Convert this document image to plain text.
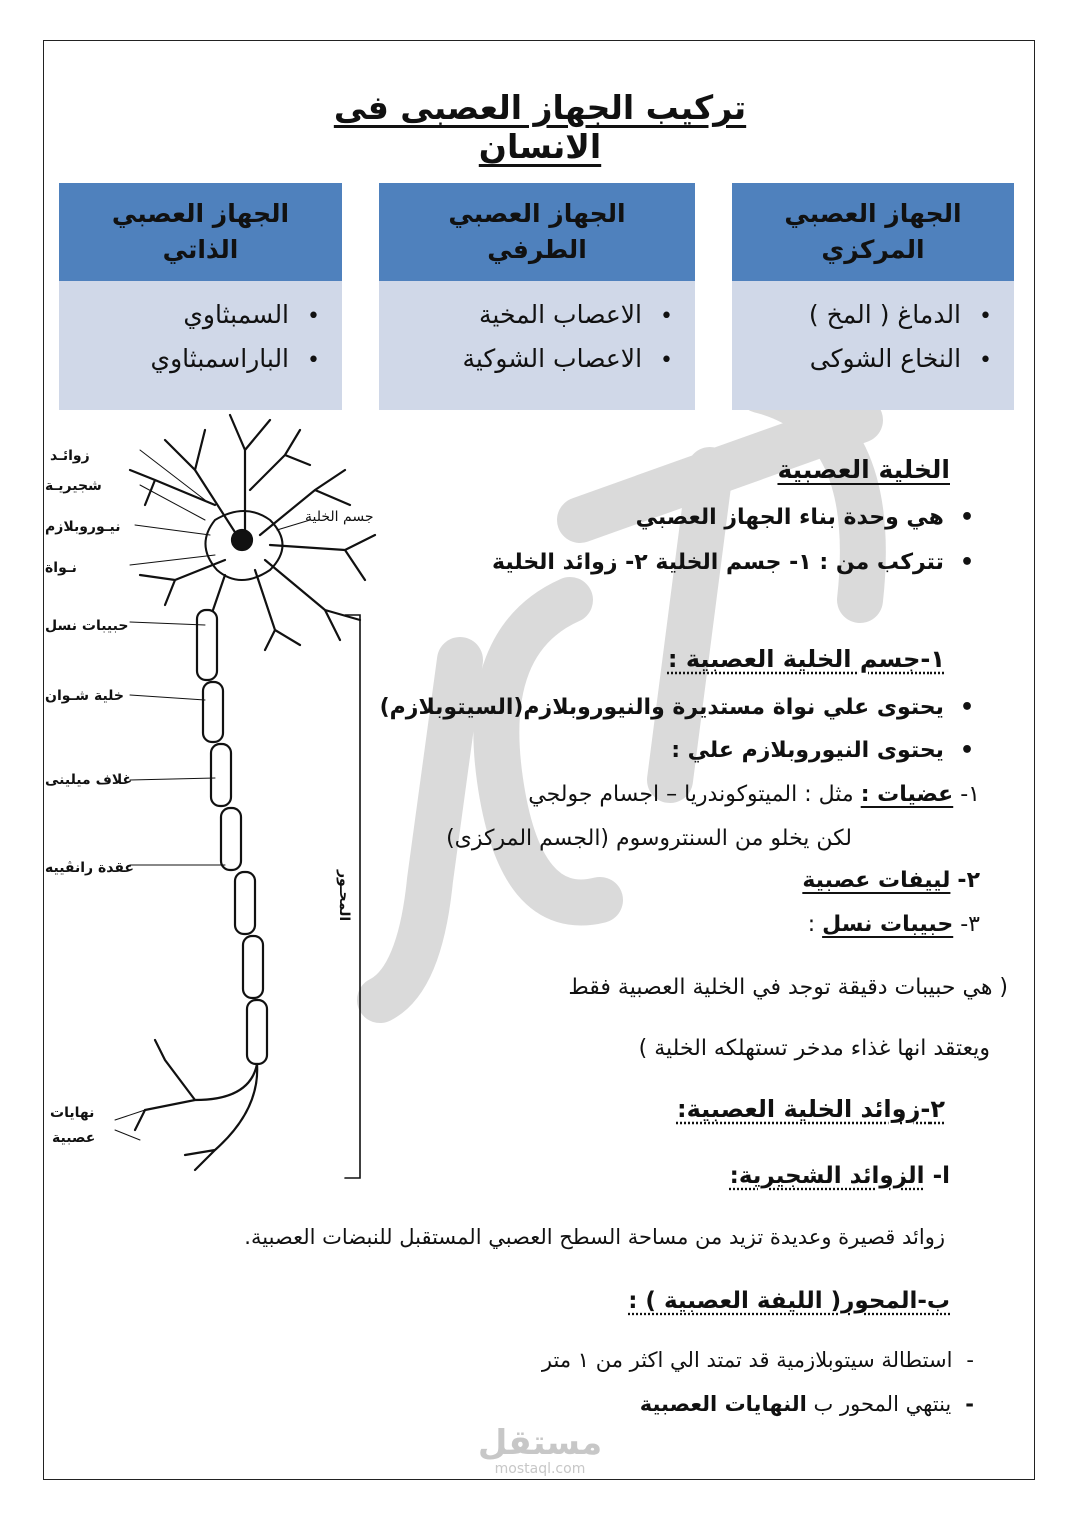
تركيب الجهاز العصبى فى الانسان
الجهاز العصبي الذاتي
• السمبثاوي
• الباراسمبثاوي
الجهاز العصبي الطرفي
• الاعصاب المخية
• الاعصاب الشوكية
الجهاز العصبي المركزي
• الدماغ ( المخ )
• النخاع الشوكى
زوائـد
شجيريـة
نيـوروبلازم
نـواة
حبيبات نسل
خلية شـوان
غلاف ميلينى
عقدة رانڤييه
نهايات
عصبية
جسم الخلية
المحـور
الخلية العصبية
• هي وحدة بناء الجهاز العصبي
• تتركب من : ١- جسم الخلية ٢- زوائد الخلية
١-جسم الخلية العصبية :
• يحتوى علي نواة مستديرة والنيوروبلازم(السيتوبلازم)
• يحتوى النيوروبلازم علي :
١- عضيات : مثل : الميتوكوندريا – اجسام جولجي
لكن يخلو من السنتروسوم (الجسم المركزى)
٢- لييفات عصبية
٣- حبيبات نسل :
( هي حبيبات دقيقة توجد في الخلية العصبية فقط
ويعتقد انها غذاء مدخر تستهلكه الخلية )
٢-زوائد الخلية العصبية:
ا- الزوائد الشجيرية:
زوائد قصيرة وعديدة تزيد من مساحة السطح العصبي المستقبل للنبضات العصبية.
ب-المحور( الليفة العصبية ) :
-استطالة سيتوبلازمية قد تمتد الي اكثر من ١ متر
-ينتهي المحور ب النهايات العصبية
مستقل
mostaql.com
